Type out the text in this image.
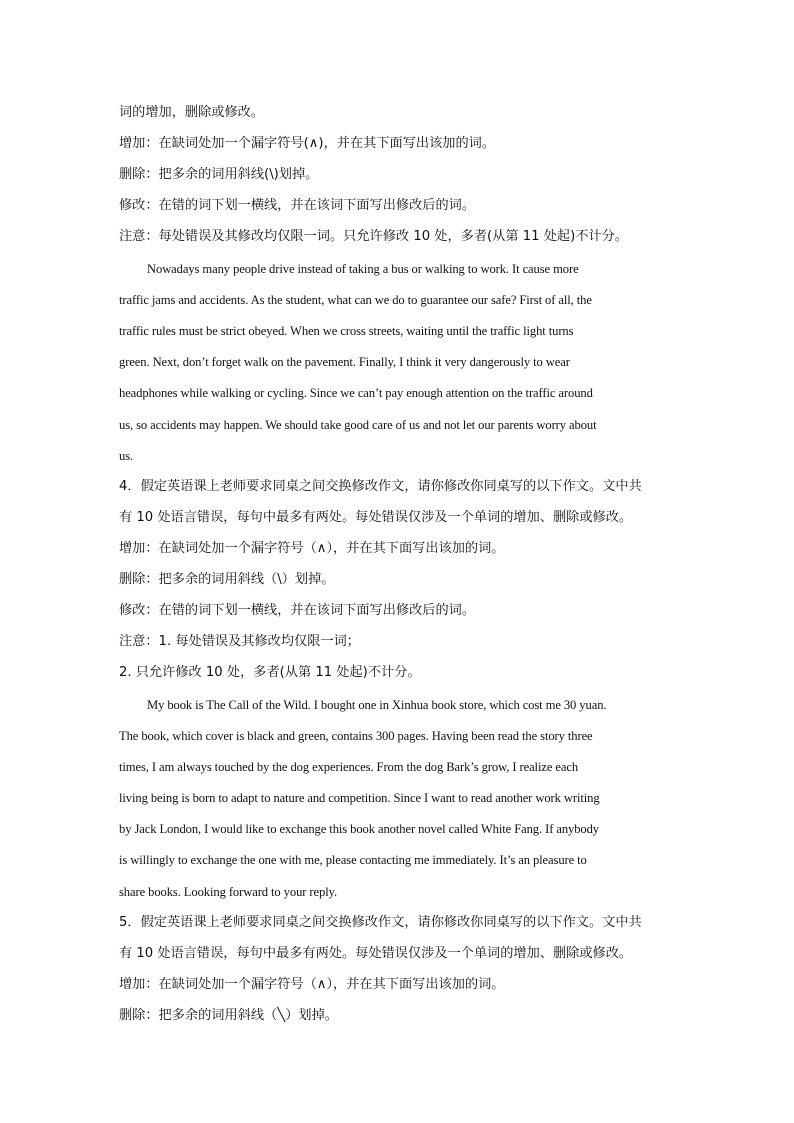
词的增加，删除或修改。
增加：在缺词处加一个漏字符号(∧)，并在其下面写出该加的词。
删除：把多余的词用斜线(\)划掉。
修改：在错的词下划一横线，并在该词下面写出修改后的词。
注意：每处错误及其修改均仅限一词。只允许修改 10 处，多者(从第 11 处起)不计分。
Nowadays many people drive instead of taking a bus or walking to work. It cause more
traffic jams and accidents. As the student, what can we do to guarantee our safe? First of all, the
traffic rules must be strict obeyed. When we cross streets, waiting until the traffic light turns
green. Next, don’t forget walk on the pavement. Finally, I think it very dangerously to wear
headphones while walking or cycling. Since we can’t pay enough attention on the traffic around
us, so accidents may happen. We should take good care of us and not let our parents worry about
us.
4．假定英语课上老师要求同桌之间交换修改作文，请你修改你同桌写的以下作文。文中共
有 10 处语言错误，每句中最多有两处。每处错误仅涉及一个单词的增加、删除或修改。
增加：在缺词处加一个漏字符号（∧），并在其下面写出该加的词。
删除：把多余的词用斜线（\）划掉。
修改：在错的词下划一横线，并在该词下面写出修改后的词。
注意：1. 每处错误及其修改均仅限一词；
2. 只允许修改 10 处，多者(从第 11 处起)不计分。
My book is The Call of the Wild. I bought one in Xinhua book store, which cost me 30 yuan.
The book, which cover is black and green, contains 300 pages. Having been read the story three
times, I am always touched by the dog experiences. From the dog Bark’s grow, I realize each
living being is born to adapt to nature and competition. Since I want to read another work writing
by Jack London, I would like to exchange this book another novel called White Fang. If anybody
is willingly to exchange the one with me, please contacting me immediately. It’s an pleasure to
share books. Looking forward to your reply.
5．假定英语课上老师要求同桌之间交换修改作文，请你修改你同桌写的以下作文。文中共
有 10 处语言错误，每句中最多有两处。每处错误仅涉及一个单词的增加、删除或修改。
增加：在缺词处加一个漏字符号（∧），并在其下面写出该加的词。
删除：把多余的词用斜线（╲）划掉。
